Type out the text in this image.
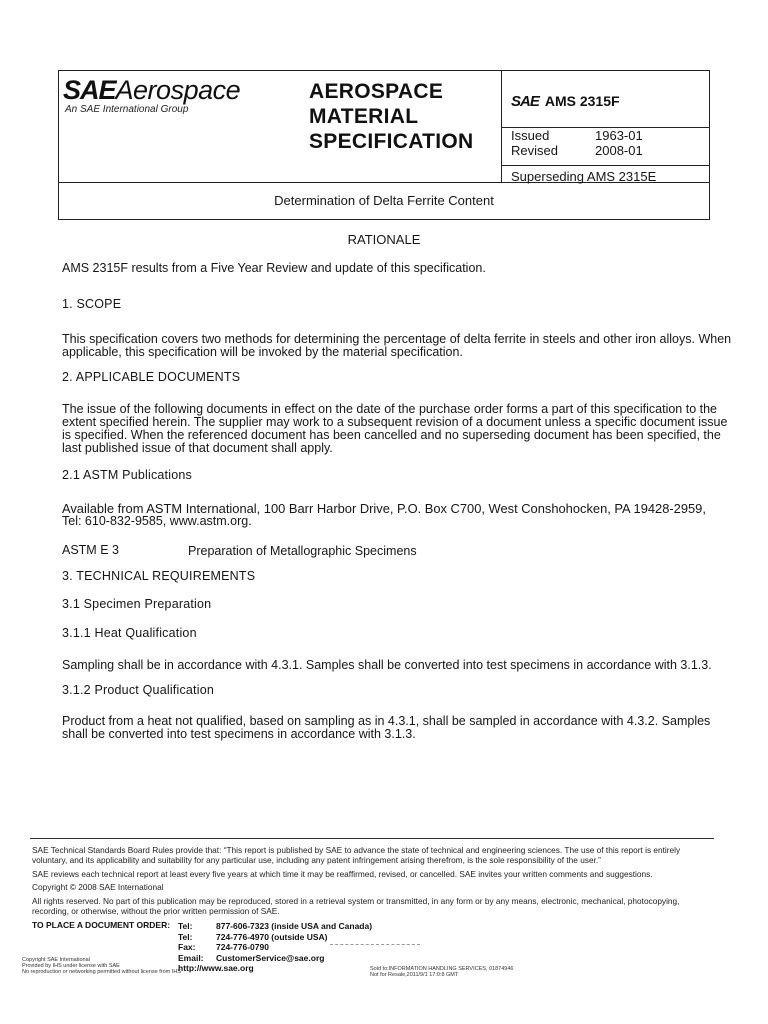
SAEAerospace
An SAE International Group
AEROSPACE
MATERIAL
SPECIFICATION
SAE AMS 2315F
Issued	1963-01
Revised	2008-01
Superseding AMS 2315E
Determination of Delta Ferrite Content
RATIONALE
AMS 2315F results from a Five Year Review and update of this specification.
1. SCOPE
This specification covers two methods for determining the percentage of delta ferrite in steels and other iron alloys. When
applicable, this specification will be invoked by the material specification.
2. APPLICABLE DOCUMENTS
The issue of the following documents in effect on the date of the purchase order forms a part of this specification to the
extent specified herein. The supplier may work to a subsequent revision of a document unless a specific document issue
is specified. When the referenced document has been cancelled and no superseding document has been specified, the
last published issue of that document shall apply.
2.1 ASTM Publications
Available from ASTM International, 100 Barr Harbor Drive, P.O. Box C700, West Conshohocken, PA 19428-2959,
Tel: 610-832-9585, www.astm.org.
ASTM E 3	Preparation of Metallographic Specimens
3. TECHNICAL REQUIREMENTS
3.1 Specimen Preparation
3.1.1 Heat Qualification
Sampling shall be in accordance with 4.3.1. Samples shall be converted into test specimens in accordance with 3.1.3.
3.1.2 Product Qualification
Product from a heat not qualified, based on sampling as in 4.3.1, shall be sampled in accordance with 4.3.2. Samples
shall be converted into test specimens in accordance with 3.1.3.
SAE Technical Standards Board Rules provide that: “This report is published by SAE to advance the state of technical and engineering sciences. The use of this report is entirely
voluntary, and its applicability and suitability for any particular use, including any patent infringement arising therefrom, is the sole responsibility of the user.”
SAE reviews each technical report at least every five years at which time it may be reaffirmed, revised, or cancelled. SAE invites your written comments and suggestions.
Copyright © 2008 SAE International
All rights reserved. No part of this publication may be reproduced, stored in a retrieval system or transmitted, in any form or by any means, electronic, mechanical, photocopying,
recording, or otherwise, without the prior written permission of SAE.
TO PLACE A DOCUMENT ORDER: Tel:	877-606-7323 (inside USA and Canada)
Tel:	724-776-4970 (outside USA)
Fax:	724-776-0790
Email:	CustomerService@sae.org
http://www.sae.org
Copyright SAE International
Provided by IHS under license with SAE
No reproduction or networking permitted without license from IHS	Sold to:INFORMATION HANDLING SERVICES, 01874946
Not for Resale,2011/9/1 17:0:8 GMT
